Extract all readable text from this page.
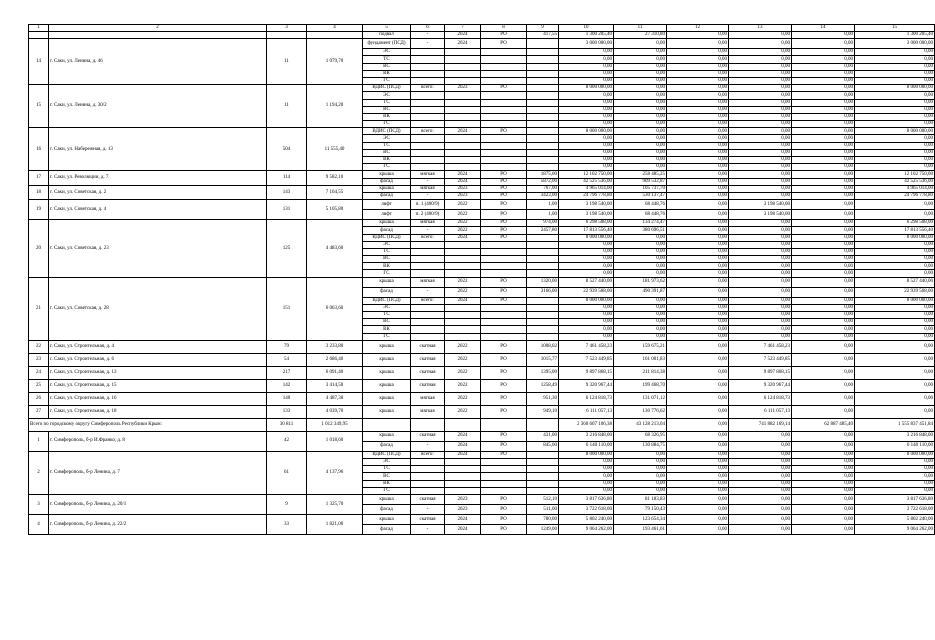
1	2	3	4	5	6	7	8	9	10	11	12	13	14	15
				подвал	-	2024	РО	417,55	1 300 205,40	27 310,80	0,00	0,00	0,00	1 300 205,40
14	г. Саки, ул. Ленина, д. 46	11	1 079,70	фундамент (ПСД)	-	2024	РО		3 000 000,00	0,00	0,00	0,00	0,00	3 000 000,00
				ЭС					0,00	0,00	0,00	0,00	0,00	0,00
				ТС					0,00	0,00	0,00	0,00	0,00	0,00
				ВС					0,00	0,00	0,00	0,00	0,00	0,00
				ВК					0,00	0,00	0,00	0,00	0,00	0,00
				ГС					0,00	0,00	0,00	0,00	0,00	0,00
15	г. Саки, ул. Ленина, д. 30/2	11	1 194,20	ВДИС (ПСД)	всего:	2023	РО		8 000 000,00	0,00	0,00	0,00	0,00	8 000 000,00
				ЭС					0,00	0,00	0,00	0,00	0,00	0,00
				ТС					0,00	0,00	0,00	0,00	0,00	0,00
				ВС					0,00	0,00	0,00	0,00	0,00	0,00
				ВК					0,00	0,00	0,00	0,00	0,00	0,00
				ГС					0,00	0,00	0,00	0,00	0,00	0,00
16	г. Саки, ул. Набережная, д. 13	504	11 555,40	ВДИС (ПСД)	всего:	2024	РО		8 000 000,00	0,00	0,00	0,00	0,00	8 000 000,00
				ЭС					0,00	0,00	0,00	0,00	0,00	0,00
				ТС					0,00	0,00	0,00	0,00	0,00	0,00
				ВС					0,00	0,00	0,00	0,00	0,00	0,00
				ВК					0,00	0,00	0,00	0,00	0,00	0,00
				ГС					0,00	0,00	0,00	0,00	0,00	0,00
17	г. Саки, ул. Революции, д. 7	114	9 582,10	крыша	мягкая	2024	РО	1875,00	12 102 750,00	258 485,25	0,00	0,00	0,00	12 102 750,00
				фасад	-	2024	РО	5872,00	42 525 536,00	909 532,87	0,00	0,00	0,00	42 525 536,00
18	г. Саки, ул. Советская, д. 2	143	7 164,55	крыша	мягкая	2023	РО	767,00	4 965 014,00	105 737,70	0,00	0,00	0,00	4 965 014,00
				фасад	-	2023	РО	3423,00	24 796 778,80	530 137,47	0,00	0,00	0,00	24 796 778,80
19	г. Саки, ул. Советская, д. 4	131	5 105,80	лифт	п. 1 (400/9)	2022	РО	1,00	3 198 540,00	68 448,76	0,00	3 198 540,00	0,00	0,00
				лифт	п. 2 (400/9)	2022	РО	1,00	3 198 540,00	68 448,76	0,00	3 198 540,00	0,00	0,00
20	г. Саки, ул. Советская, д. 23	125	4 483,60	крыша	мягкая	2022	РО	974,00	6 298 508,00	134 274,47	0,00	0,00	0,00	6 298 508,00
				фасад	-	2022	РО	2457,80	17 813 556,40	380 696,51	0,00	0,00	0,00	17 813 556,40
				ВДИС (ПСД)	всего:	2024	РО		8 000 000,00	0,00	0,00	0,00	0,00	8 000 000,00
				ЭС					0,00	0,00	0,00	0,00	0,00	0,00
				ТС					0,00	0,00	0,00	0,00	0,00	0,00
				ВС					0,00	0,00	0,00	0,00	0,00	0,00
				ВК					0,00	0,00	0,00	0,00	0,00	0,00
				ГС					0,00	0,00	0,00	0,00	0,00	0,00
21	г. Саки, ул. Советская, д. 28	151	6 063,60	крыша	мягкая	2022	РО	1320,00	8 527 440,00	181 973,62	0,00	0,00	0,00	8 527 440,00
				фасад	-	2022	РО	3166,00	22 939 508,00	490 391,87	0,00	0,00	0,00	22 939 508,00
				ВДИС (ПСД)	всего:	2024	РО		8 000 000,00	0,00	0,00	0,00	0,00	8 000 000,00
				ЭС					0,00	0,00	0,00	0,00	0,00	0,00
				ТС					0,00	0,00	0,00	0,00	0,00	0,00
				ВС					0,00	0,00	0,00	0,00	0,00	0,00
				ВК					0,00	0,00	0,00	0,00	0,00	0,00
				ГС					0,00	0,00	0,00	0,00	0,00	0,00
22	г. Саки, ул. Строительная, д. 4	79	3 233,80	крыша	скатная	2022	РО	1008,02	7 461 458,23	159 675,21	0,00	7 461 458,23	0,00	0,00
23	г. Саки, ул. Строительная, д. 6	54	2 686,40	крыша	скатная	2022	РО	1015,77	7 523 449,85	161 001,83	0,00	7 523 449,85	0,00	0,00
24	г. Саки, ул. Строительная, д. 13	217	6 091,40	крыша	скатная	2022	РО	1395,00	9 897 868,15	211 814,38	0,00	9 897 868,15	0,00	0,00
25	г. Саки, ул. Строительная, д. 15	142	3 414,50	крыша	скатная	2022	РО	1258,49	9 320 967,44	199 468,70	0,00	9 320 967,44	0,00	0,00
26	г. Саки, ул. Строительная, д. 16	140	4 487,30	крыша	мягкая	2022	РО	951,30	6 124 818,73	131 071,12	0,00	6 124 818,73	0,00	0,00
27	г. Саки, ул. Строительная, д. 18	133	4 039,70	крыша	мягкая	2022	РО	949,10	6 111 057,13	130 776,62	0,00	6 111 057,13	0,00	0,00
Всего по городскому округу Симферополь Республики Крым:		30 811	1 012 349,95						2 360 607 106,38	43 128 213,04	0,00	741 882 169,14	62 887 485,40	1 555 837 451,84
1	г. Симферополь, б-р И.Франко, д. 8	42	1 018,60	крыша	скатная	2024	РО	431,00	3 216 848,00	68 326,95	0,00	0,00	0,00	3 216 848,00
				фасад	-	2024	РО	845,00	6 140 110,00	130 884,75	0,00	0,00	0,00	6 140 110,00
2	г. Симферополь, б-р Ленина, д. 7	61	4 137,96	ВДИС (ПСД)	всего:	2024	РО		8 000 000,00	0,00	0,00	0,00	0,00	8 000 000,00
				ЭС					0,00	0,00	0,00	0,00	0,00	0,00
				ТС					0,00	0,00	0,00	0,00	0,00	0,00
				ВС					0,00	0,00	0,00	0,00	0,00	0,00
				ВК					0,00	0,00	0,00	0,00	0,00	0,00
				ГС					0,00	0,00	0,00	0,00	0,00	0,00
3	г. Симферополь, б-р Ленина, д. 20/1	9	1 325,70	крыша	скатная	2023	РО	512,10	3 817 636,80	81 183,83	0,00	0,00	0,00	3 817 636,80
				фасад	-	2023	РО	511,00	3 722 618,00	79 150,43	0,00	0,00	0,00	3 722 618,00
4	г. Симферополь, б-р Ленина, д. 22/2	33	1 821,00	крыша	скатная	2024	РО	780,00	5 802 240,00	123 654,34	0,00	0,00	0,00	5 802 240,00
				фасад	-	2024	РО	1249,00	9 064 262,00	193 461,61	0,00	0,00	0,00	9 064 262,00
